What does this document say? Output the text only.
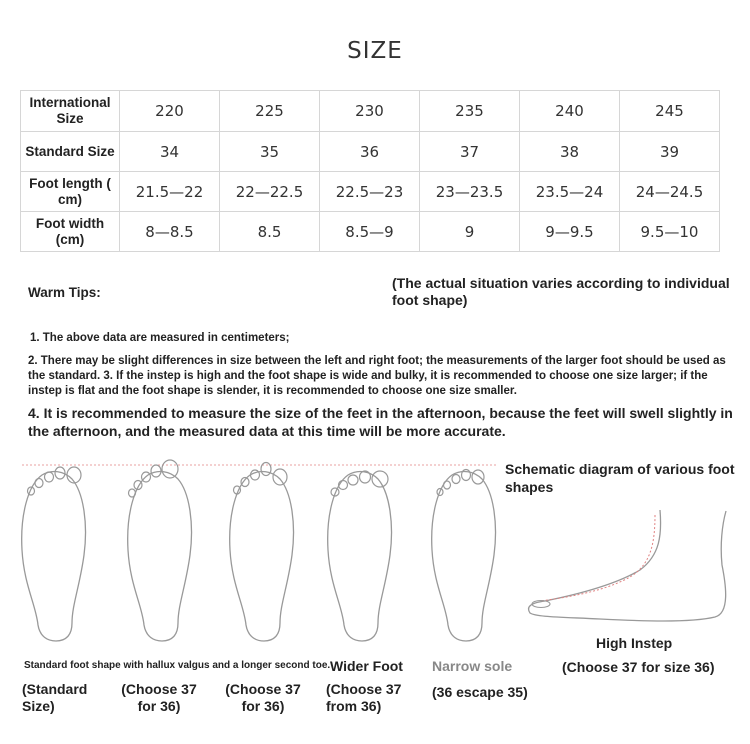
SIZE
International Size	220	225	230	235	240	245
Standard Size	34	35	36	37	38	39
Foot length ( cm)	21.5—22	22—22.5	22.5—23	23—23.5	23.5—24	24—24.5
Foot width (cm)	8—8.5	8.5	8.5—9	9	9—9.5	9.5—10
Warm Tips:
(The actual situation varies according to individual foot shape)
1. The above data are measured in centimeters;
2. There may be slight differences in size between the left and right foot; the measurements of the larger foot should be used as the standard. 3. If the instep is high and the foot shape is wide and bulky, it is recommended to choose one size larger; if the instep is flat and the foot shape is slender, it is recommended to choose one size smaller.
4. It is recommended to measure the size of the feet in the afternoon, because the feet will swell slightly in the afternoon, and the measured data at this time will be more accurate.
Schematic diagram of various foot shapes
Standard foot shape with hallux valgus and a longer second toe. Wider Foot Narrow sole
High Instep
(Choose 37 for size 36)
(Standard Size)
(Choose 37 for 36)
(Choose 37 for 36)
(Choose 37 from 36)
(36 escape 35)
